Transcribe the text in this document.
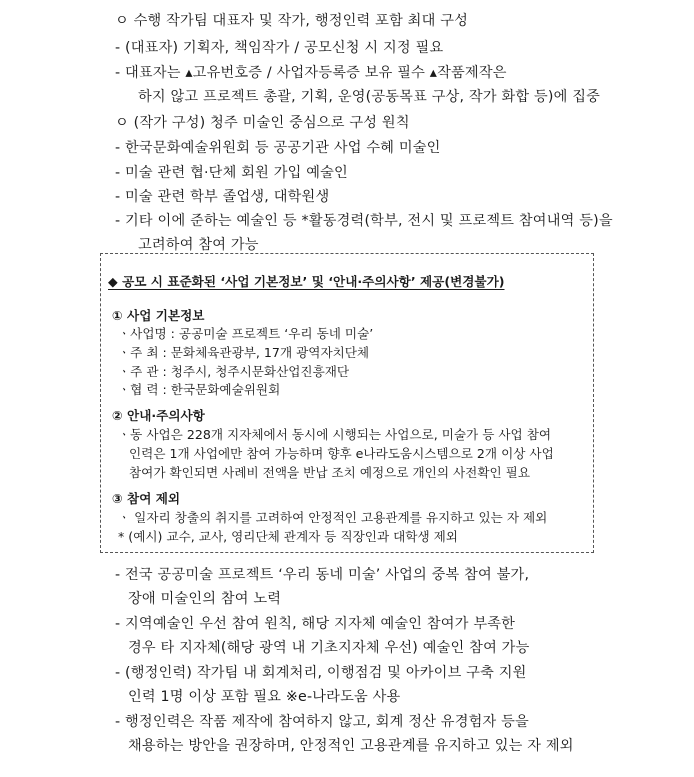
ㅇ 수행 작가팀 대표자 및 작가, 행정인력 포함 최대 구성
- (대표자) 기획자, 책임작가 / 공모신청 시 지정 필요
- 대표자는 ▴고유번호증 / 사업자등록증 보유 필수 ▴작품제작은
하지 않고 프로젝트 총괄, 기획, 운영(공동목표 구상, 작가 화합 등)에 집중
ㅇ (작가 구성) 청주 미술인 중심으로 구성 원칙
- 한국문화예술위원회 등 공공기관 사업 수혜 미술인
- 미술 관련 협·단체 회원 가입 예술인
- 미술 관련 학부 졸업생, 대학원생
- 기타 이에 준하는 예술인 등 *활동경력(학부, 전시 및 프로젝트 참여내역 등)을
고려하여 참여 가능
◆ 공모 시 표준화된 ‘사업 기본정보’ 및 ‘안내·주의사항’ 제공(변경불가)
① 사업 기본정보
ㆍ사업명 : 공공미술 프로젝트 ‘우리 동네 미술’
ㆍ주 최 : 문화체육관광부, 17개 광역자치단체
ㆍ주 관 : 청주시, 청주시문화산업진흥재단
ㆍ협 력 : 한국문화예술위원회
② 안내·주의사항
ㆍ동 사업은 228개 지자체에서 동시에 시행되는 사업으로, 미술가 등 사업 참여
인력은 1개 사업에만 참여 가능하며 향후 e나라도움시스템으로 2개 이상 사업
참여가 확인되면 사례비 전액을 반납 조치 예정으로 개인의 사전확인 필요
③ 참여 제외
ㆍ 일자리 창출의 취지를 고려하여 안정적인 고용관계를 유지하고 있는 자 제외
* (예시) 교수, 교사, 영리단체 관계자 등 직장인과 대학생 제외
- 전국 공공미술 프로젝트 ‘우리 동네 미술’ 사업의 중복 참여 불가,
장애 미술인의 참여 노력
- 지역예술인 우선 참여 원칙, 해당 지자체 예술인 참여가 부족한
경우 타 지자체(해당 광역 내 기초지자체 우선) 예술인 참여 가능
- (행정인력) 작가팀 내 회계처리, 이행점검 및 아카이브 구축 지원
인력 1명 이상 포함 필요 ※e-나라도움 사용
- 행정인력은 작품 제작에 참여하지 않고, 회계 정산 유경험자 등을
채용하는 방안을 권장하며, 안정적인 고용관계를 유지하고 있는 자 제외
